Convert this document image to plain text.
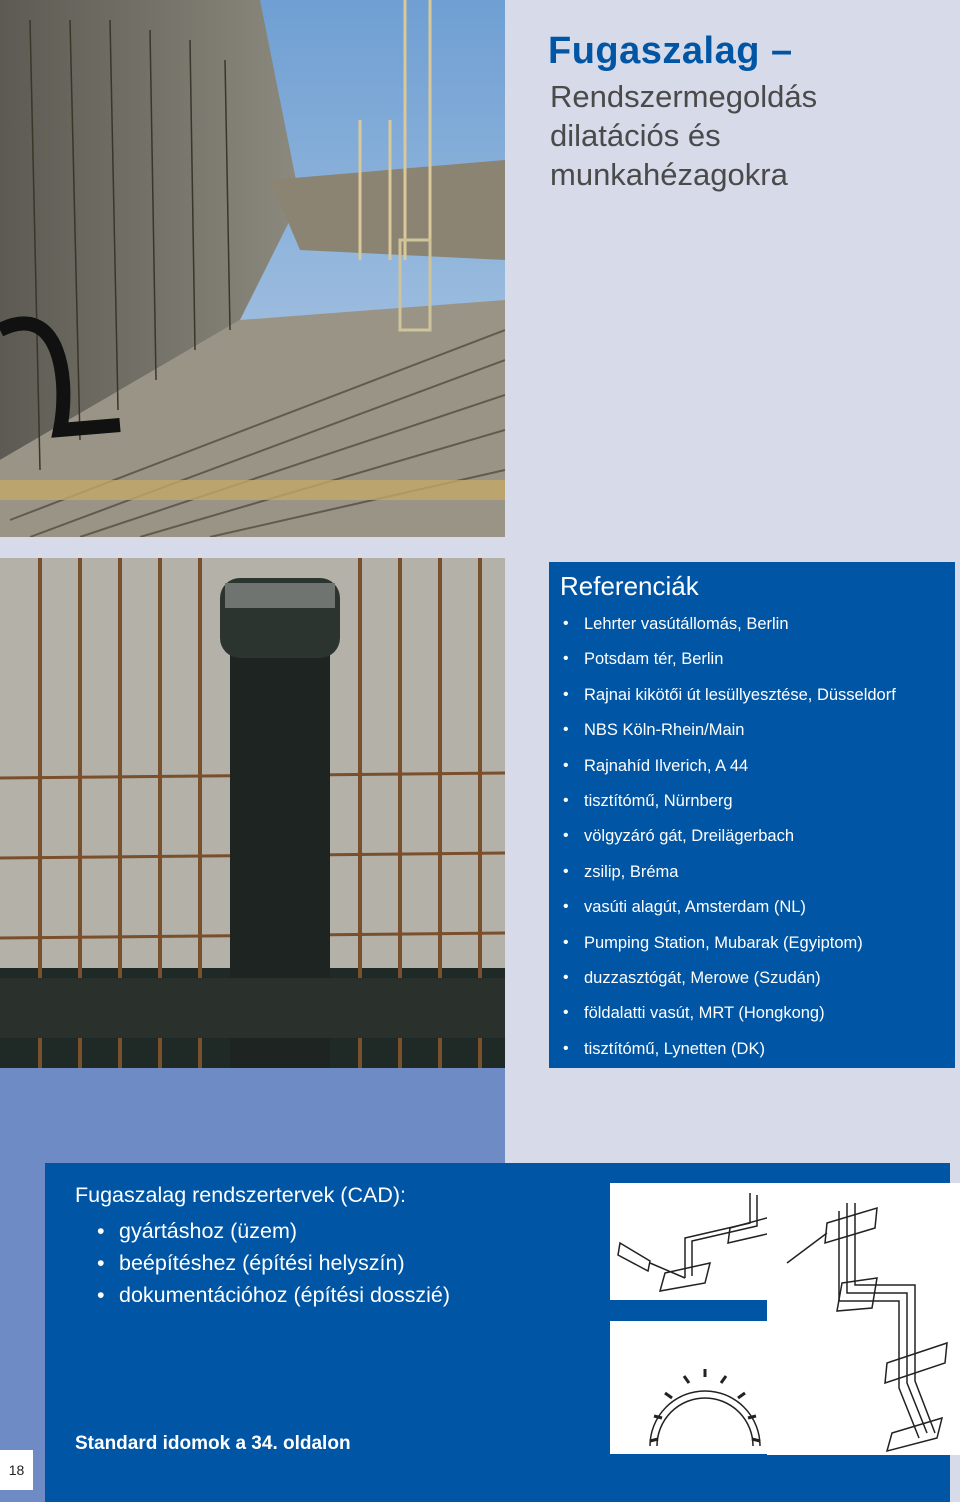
Fugaszalag –
Rendszermegoldás dilatációs és munkahézagokra
Referenciák
• Lehrter vasútállomás, Berlin
• Potsdam tér, Berlin
• Rajnai kikötői út lesüllyesztése, Düsseldorf
• NBS Köln-Rhein/Main
• Rajnahíd Ilverich, A 44
• tisztítómű, Nürnberg
• völgyzáró gát, Dreilägerbach
• zsilip, Bréma
• vasúti alagút, Amsterdam (NL)
• Pumping Station, Mubarak (Egyiptom)
• duzzasztógát, Merowe (Szudán)
• földalatti vasút, MRT (Hongkong)
• tisztítómű, Lynetten (DK)
Fugaszalag rendszertervek (CAD):
• gyártáshoz (üzem)
• beépítéshez (építési helyszín)
• dokumentációhoz (építési dosszié)
Standard idomok a 34. oldalon
18
